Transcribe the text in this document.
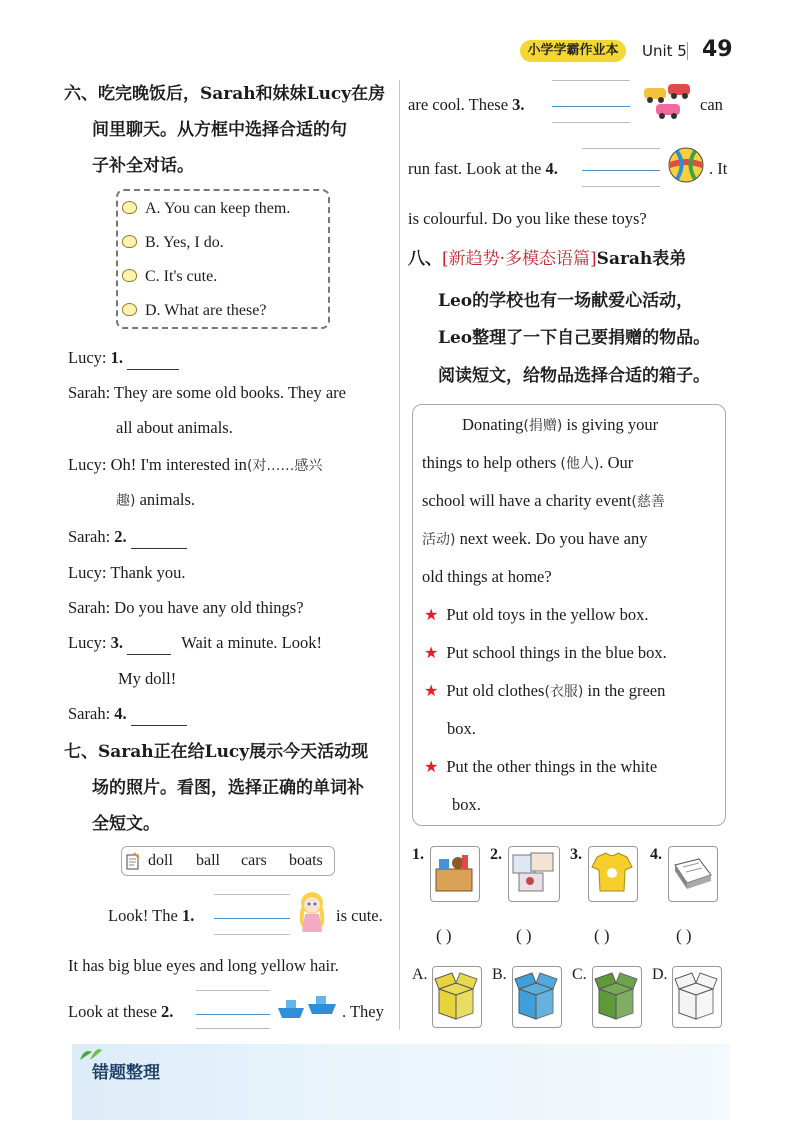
小学学霸作业本	Unit 5 49
六、吃完晚饭后，Sarah和妹妹Lucy在房
间里聊天。从方框中选择合适的句
子补全对话。
A. You can keep them.
B. Yes, I do.
C. It's cute.
D. What are these?
Lucy: 1.
Sarah: They are some old books. They are
all about animals.
Lucy: Oh! I'm interested in(对……感兴
趣) animals.
Sarah: 2.
Lucy: Thank you.
Sarah: Do you have any old things?
Lucy: 3.	Wait a minute. Look!
My doll!
Sarah: 4.
七、Sarah正在给Lucy展示今天活动现
场的照片。看图，选择正确的单词补
全短文。
doll ball cars boats
Look! The 1.	is cute.
It has big blue eyes and long yellow hair.
Look at these 2.	. They
are cool. These 3.	can
run fast. Look at the 4.	. It
is colourful. Do you like these toys?
八、[新趋势·多模态语篇]Sarah表弟
Leo的学校也有一场献爱心活动，
Leo整理了一下自己要捐赠的物品。
阅读短文，给物品选择合适的箱子。
Donating(捐赠) is giving your
things to help others (他人). Our
school will have a charity event(慈善
活动) next week. Do you have any
old things at home?
★ Put old toys in the yellow box.
★ Put school things in the blue box.
★ Put old clothes(衣服) in the green
box.
★ Put the other things in the white
box.
1.	2.	3.	4.
( )	( )	( )	( )
A.	B.	C.	D.
错题整理
